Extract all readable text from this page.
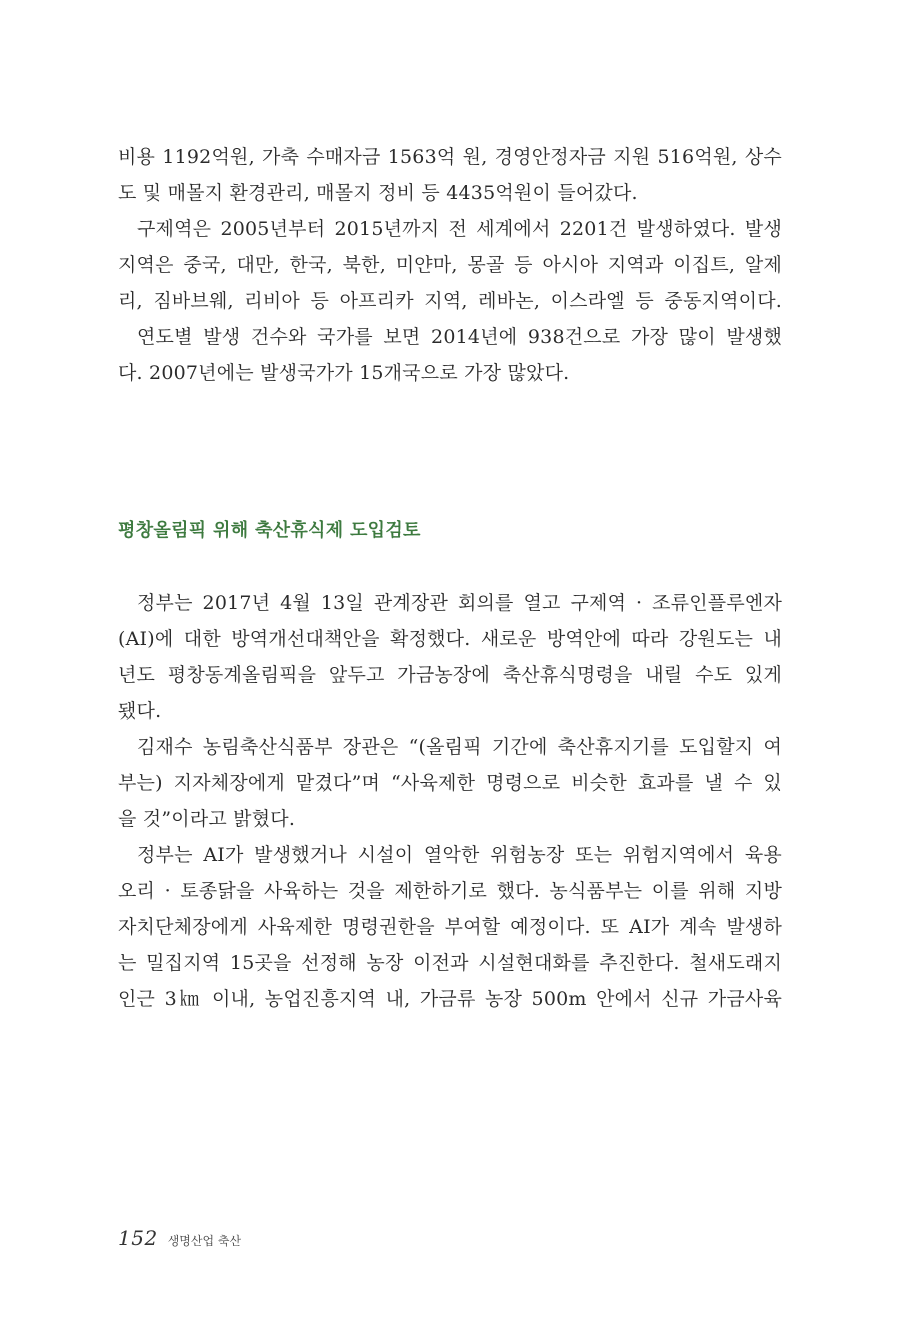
비용 1192억원, 가축 수매자금 1563억 원, 경영안정자금 지원 516억원, 상수
도 및 매몰지 환경관리, 매몰지 정비 등 4435억원이 들어갔다.
구제역은 2005년부터 2015년까지 전 세계에서 2201건 발생하였다. 발생
지역은 중국, 대만, 한국, 북한, 미얀마, 몽골 등 아시아 지역과 이집트, 알제
리, 짐바브웨, 리비아 등 아프리카 지역, 레바논, 이스라엘 등 중동지역이다.
연도별 발생 건수와 국가를 보면 2014년에 938건으로 가장 많이 발생했
다. 2007년에는 발생국가가 15개국으로 가장 많았다.
평창올림픽 위해 축산휴식제 도입검토
정부는 2017년 4월 13일 관계장관 회의를 열고 구제역 · 조류인플루엔자
(AI)에 대한 방역개선대책안을 확정했다. 새로운 방역안에 따라 강원도는 내
년도 평창동계올림픽을 앞두고 가금농장에 축산휴식명령을 내릴 수도 있게
됐다.
김재수 농림축산식품부 장관은 “(올림픽 기간에 축산휴지기를 도입할지 여
부는) 지자체장에게 맡겼다”며 “사육제한 명령으로 비슷한 효과를 낼 수 있
을 것”이라고 밝혔다.
정부는 AI가 발생했거나 시설이 열악한 위험농장 또는 위험지역에서 육용
오리 · 토종닭을 사육하는 것을 제한하기로 했다. 농식품부는 이를 위해 지방
자치단체장에게 사육제한 명령권한을 부여할 예정이다. 또 AI가 계속 발생하
는 밀집지역 15곳을 선정해 농장 이전과 시설현대화를 추진한다. 철새도래지
인근 3㎞ 이내, 농업진흥지역 내, 가금류 농장 500m 안에서 신규 가금사육
152 생명산업 축산
